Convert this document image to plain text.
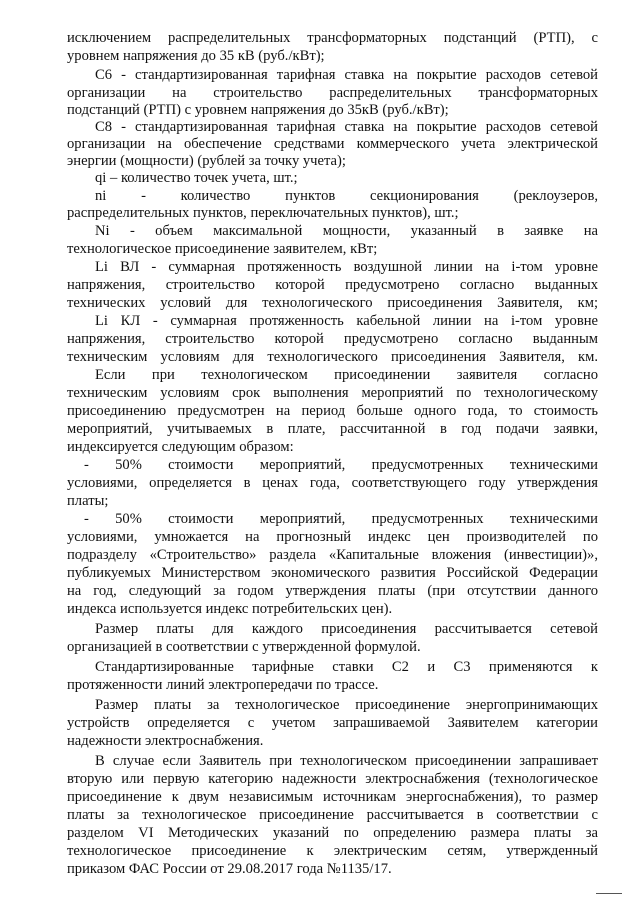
исключением распределительных трансформаторных подстанций (РТП), с
уровнем напряжения до 35 кВ (руб./кВт);
С6 - стандартизированная тарифная ставка на покрытие расходов сетевой
организации на строительство распределительных трансформаторных
подстанций (РТП) с уровнем напряжения до 35кВ (руб./кВт);
С8 - стандартизированная тарифная ставка на покрытие расходов сетевой
организации на обеспечение средствами коммерческого учета электрической
энергии (мощности) (рублей за точку учета);
qi – количество точек учета, шт.;
ni - количество пунктов секционирования (реклоузеров,
распределительных пунктов, переключательных пунктов), шт.;
Ni - объем максимальной мощности, указанный в заявке на
технологическое присоединение заявителем, кВт;
Li ВЛ - суммарная протяженность воздушной линии на i-том уровне
напряжения, строительство которой предусмотрено согласно выданных
технических условий для технологического присоединения Заявителя, км;
Li КЛ - суммарная протяженность кабельной линии на i-том уровне
напряжения, строительство которой предусмотрено согласно выданным
техническим условиям для технологического присоединения Заявителя, км.
Если при технологическом присоединении заявителя согласно
техническим условиям срок выполнения мероприятий по технологическому
присоединению предусмотрен на период больше одного года, то стоимость
мероприятий, учитываемых в плате, рассчитанной в год подачи заявки,
индексируется следующим образом:
- 50% стоимости мероприятий, предусмотренных техническими
условиями, определяется в ценах года, соответствующего году утверждения
платы;
- 50% стоимости мероприятий, предусмотренных техническими
условиями, умножается на прогнозный индекс цен производителей по
подразделу «Строительство» раздела «Капитальные вложения (инвестиции)»,
публикуемых Министерством экономического развития Российской Федерации
на год, следующий за годом утверждения платы (при отсутствии данного
индекса используется индекс потребительских цен).
Размер платы для каждого присоединения рассчитывается сетевой
организацией в соответствии с утвержденной формулой.
Стандартизированные тарифные ставки С2 и С3 применяются к
протяженности линий электропередачи по трассе.
Размер платы за технологическое присоединение энергопринимающих
устройств определяется с учетом запрашиваемой Заявителем категории
надежности электроснабжения.
В случае если Заявитель при технологическом присоединении запрашивает
вторую или первую категорию надежности электроснабжения (технологическое
присоединение к двум независимым источникам энергоснабжения), то размер
платы за технологическое присоединение рассчитывается в соответствии с
разделом VI Методических указаний по определению размера платы за
технологическое присоединение к электрическим сетям, утвержденный
приказом ФАС России от 29.08.2017 года №1135/17.
